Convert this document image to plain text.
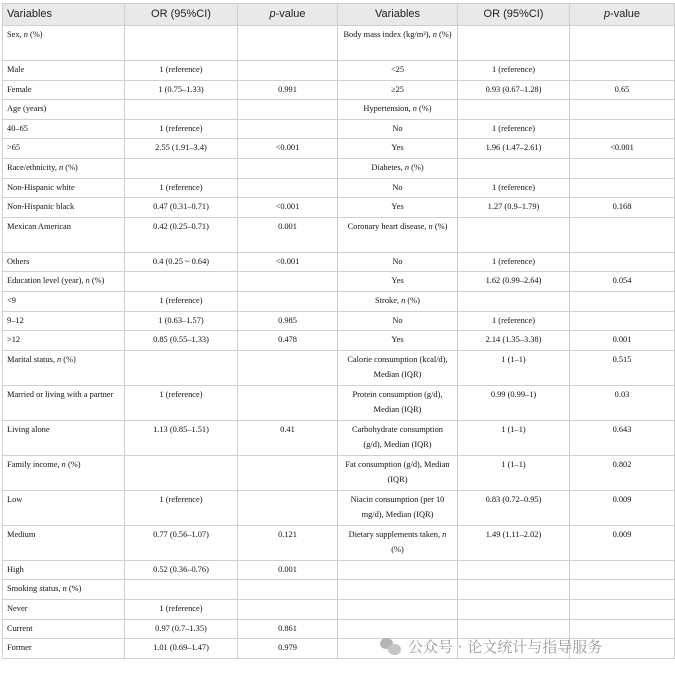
Variables	OR (95%CI)	p-value	Variables	OR (95%CI)	p-value
Sex, n (%)			Body mass index (kg/m²), n (%)		
Male	1 (reference)		<25	1 (reference)	
Female	1 (0.75–1.33)	0.991	≥25	0.93 (0.67–1.28)	0.65
Age (years)			Hypertension, n (%)		
40–65	1 (reference)		No	1 (reference)	
>65	2.55 (1.91–3.4)	<0.001	Yes	1.96 (1.47–2.61)	<0.001
Race/ethnicity, n (%)			Diabetes, n (%)		
Non-Hispanic white	1 (reference)		No	1 (reference)	
Non-Hispanic black	0.47 (0.31–0.71)	<0.001	Yes	1.27 (0.9–1.79)	0.168
Mexican American	0.42 (0.25–0.71)	0.001	Coronary heart disease, n (%)		
Others	0.4 (0.25 ~ 0.64)	<0.001	No	1 (reference)	
Education level (year), n (%)			Yes	1.62 (0.99–2.64)	0.054
<9	1 (reference)		Stroke, n (%)		
9–12	1 (0.63–1.57)	0.985	No	1 (reference)	
>12	0.85 (0.55–1.33)	0.478	Yes	2.14 (1.35–3.38)	0.001
Marital status, n (%)			Calorie consumption (kcal/d), Median (IQR)	1 (1–1)	0.515
Married or living with a partner	1 (reference)		Protein consumption (g/d), Median (IQR)	0.99 (0.99–1)	0.03
Living alone	1.13 (0.85–1.51)	0.41	Carbohydrate consumption (g/d), Median (IQR)	1 (1–1)	0.643
Family income, n (%)			Fat consumption (g/d), Median (IQR)	1 (1–1)	0.802
Low	1 (reference)		Niacin consumption (per 10 mg/d), Median (IQR)	0.83 (0.72–0.95)	0.009
Medium	0.77 (0.56–1.07)	0.121	Dietary supplements taken, n (%)	1.49 (1.11–2.02)	0.009
High	0.52 (0.36–0.76)	0.001			
Smoking status, n (%)					
Never	1 (reference)				
Current	0.97 (0.7–1.35)	0.861			
Former	1.01 (0.69–1.47)	0.979				公众号 · 论文统计与指导服务
